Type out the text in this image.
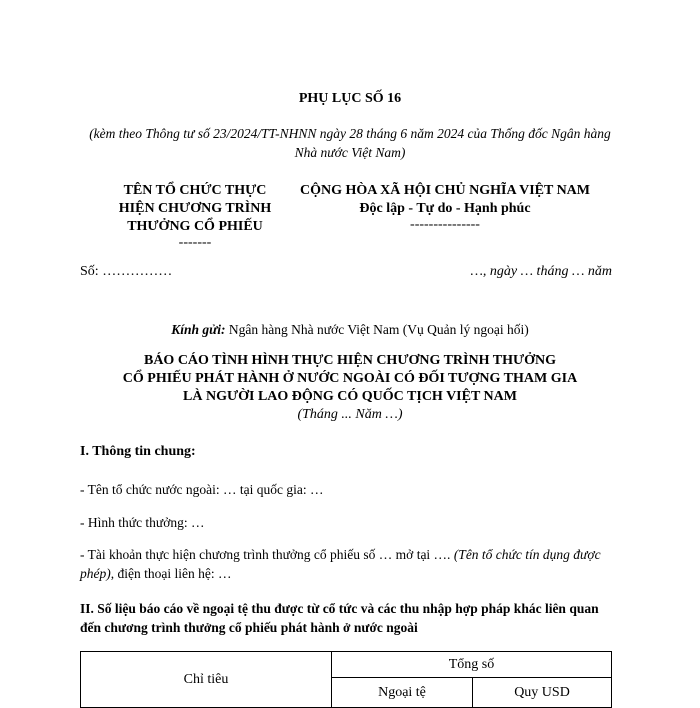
PHỤ LỤC SỐ 16
(kèm theo Thông tư số 23/2024/TT-NHNN ngày 28 tháng 6 năm 2024 của Thống đốc Ngân hàng Nhà nước Việt Nam)
TÊN TỔ CHỨC THỰC
HIỆN CHƯƠNG TRÌNH
THƯỞNG CỔ PHIẾU
-------
CỘNG HÒA XÃ HỘI CHỦ NGHĨA VIỆT NAM
Độc lập - Tự do - Hạnh phúc
---------------
Số: ……………	…, ngày … tháng … năm
Kính gửi: Ngân hàng Nhà nước Việt Nam (Vụ Quản lý ngoại hối)
BÁO CÁO TÌNH HÌNH THỰC HIỆN CHƯƠNG TRÌNH THƯỞNG
CỔ PHIẾU PHÁT HÀNH Ở NƯỚC NGOÀI CÓ ĐỐI TƯỢNG THAM GIA
LÀ NGƯỜI LAO ĐỘNG CÓ QUỐC TỊCH VIỆT NAM
(Tháng ... Năm …)
I. Thông tin chung:
- Tên tổ chức nước ngoài: … tại quốc gia: …
- Hình thức thưởng: …
- Tài khoản thực hiện chương trình thưởng cổ phiếu số … mở tại …. (Tên tổ chức tín dụng được phép), điện thoại liên hệ: …
II. Số liệu báo cáo về ngoại tệ thu được từ cổ tức và các thu nhập hợp pháp khác liên quan đến chương trình thưởng cổ phiếu phát hành ở nước ngoài
Chỉ tiêu	Tổng số	
	Ngoại tệ	Quy USD
